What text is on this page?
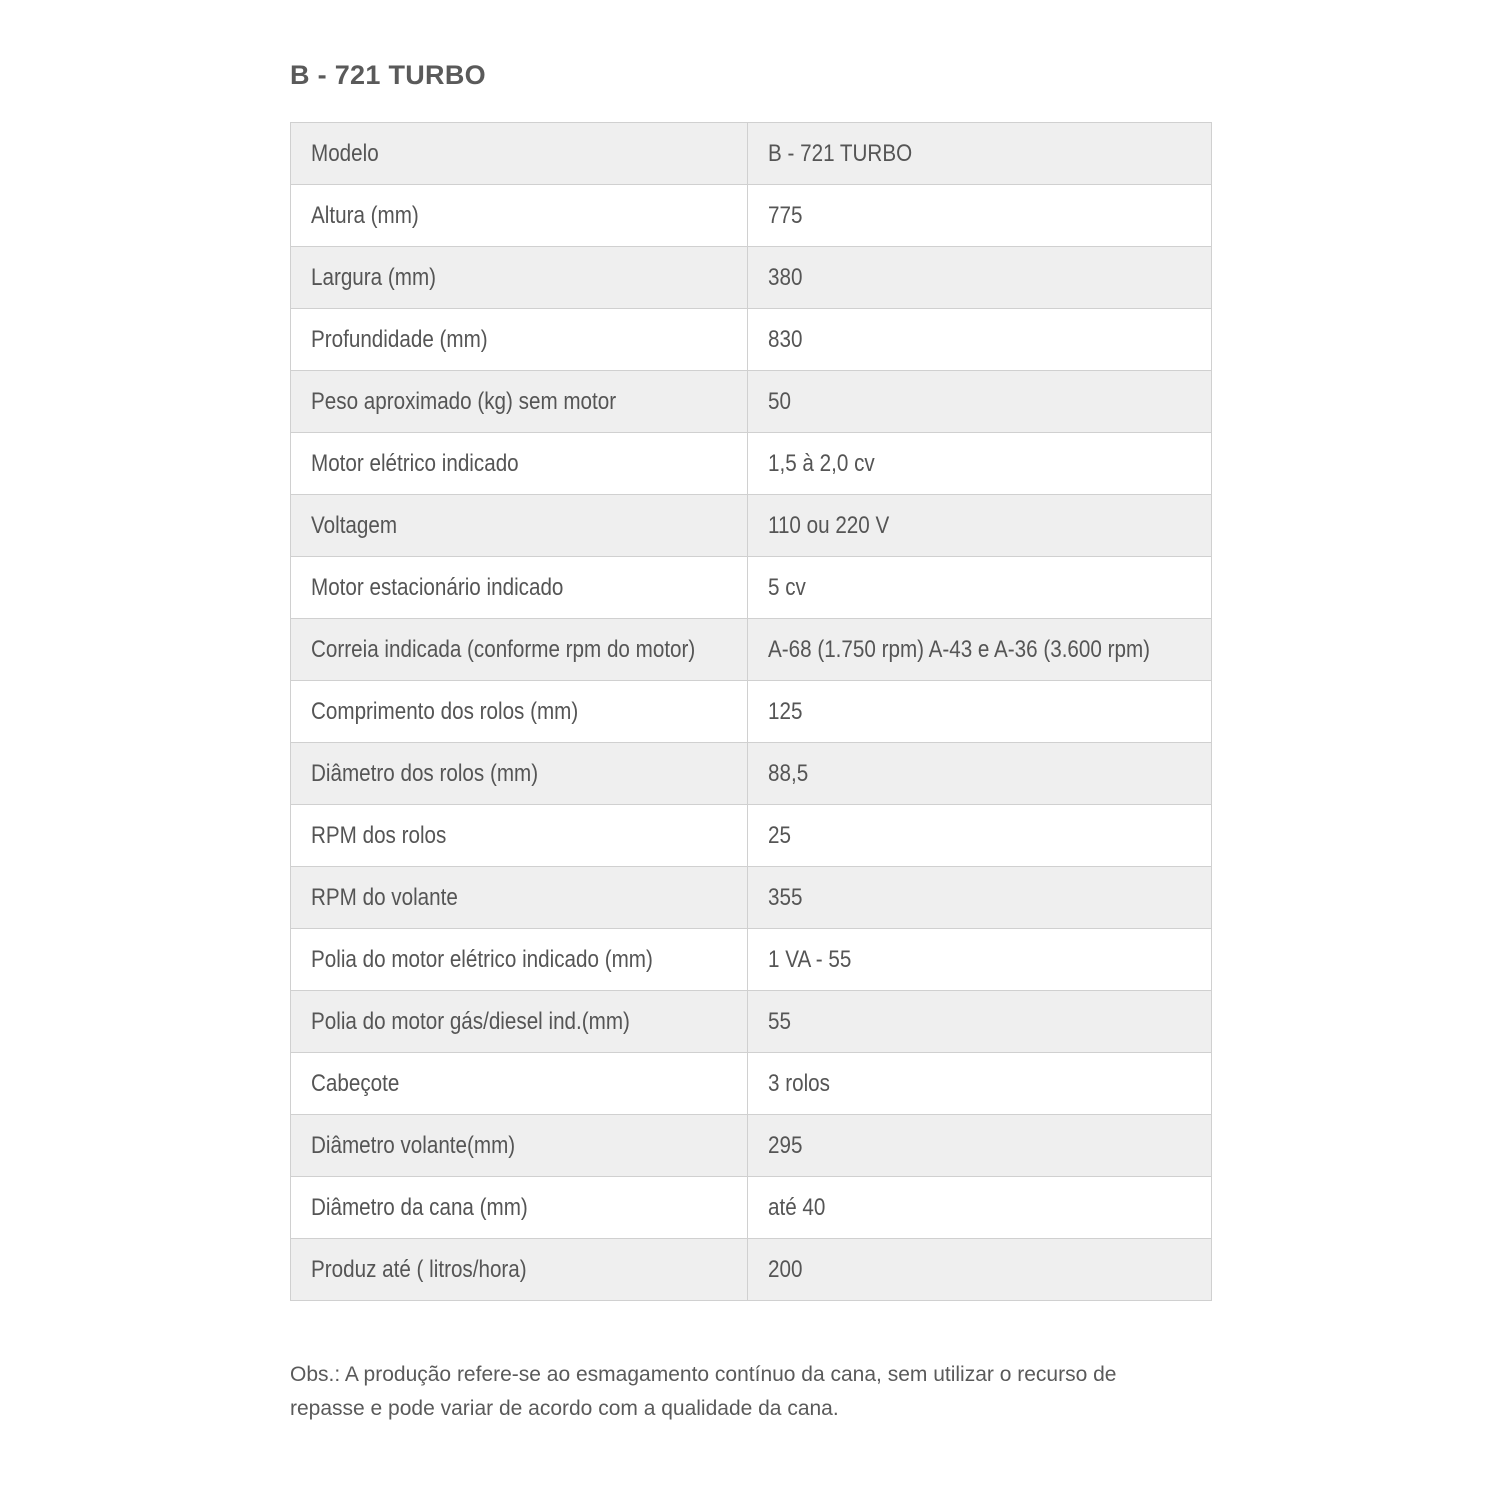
B - 721 TURBO
Modelo	B - 721 TURBO
Altura (mm)	775
Largura (mm)	380
Profundidade (mm)	830
Peso aproximado (kg) sem motor	50
Motor elétrico indicado	1,5 à 2,0 cv
Voltagem	110 ou 220 V
Motor estacionário indicado	5 cv
Correia indicada (conforme rpm do motor)	A-68 (1.750 rpm) A-43 e A-36 (3.600 rpm)
Comprimento dos rolos (mm)	125
Diâmetro dos rolos (mm)	88,5
RPM dos rolos	25
RPM do volante	355
Polia do motor elétrico indicado (mm)	1 VA - 55
Polia do motor gás/diesel ind.(mm)	55
Cabeçote	3 rolos
Diâmetro volante(mm)	295
Diâmetro da cana (mm)	até 40
Produz até ( litros/hora)	200

Obs.: A produção refere-se ao esmagamento contínuo da cana, sem utilizar o recurso de repasse e pode variar de acordo com a qualidade da cana.
